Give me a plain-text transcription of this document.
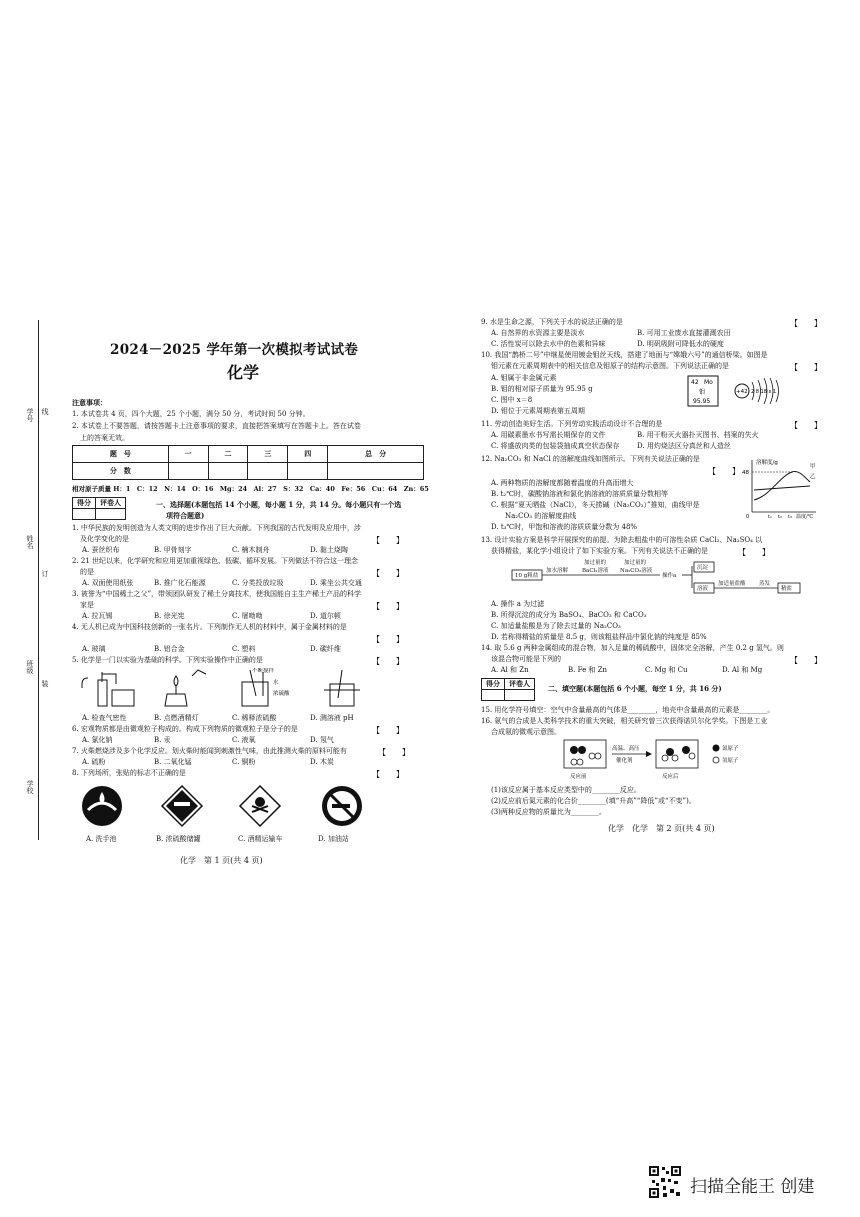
学号 线
姓名
订
班级
装
学校
2024－2025 学年第一次模拟考试试卷
化学
注意事项：
1. 本试卷共 4 页，四个大题，25 个小题，满分 50 分，考试时间 50 分钟。
2. 本试卷上不要答题，请按答题卡上注意事项的要求，直接把答案填写在答题卡上。答在试卷
上的答案无效。
题　号	一	二	三	四	总　分
分　数					
相对原子质量 H：1　C：12　N：14　O：16　Mg：24　Al：27　S：32　Ca：40　Fe：56　Cu：64　Zn：65
得分	评卷人
		一、选择题(本题包括 14 个小题，每小题 1 分，共 14 分。每小题只有一个选
项符合题意)
1. 中华民族的发明创造为人类文明的进步作出了巨大贡献。下列我国的古代发明及应用中，涉
及化学变化的是	【　　】
A. 蚕丝织布	B. 甲骨刻字	C. 楠木制舟	D. 黏土烧陶
2. 21 世纪以来，化学研究和应用更加重视绿色、低碳、循环发展。下列做法不符合这一理念
的是	【　　】
A. 双面使用纸张	B. 推广化石能源	C. 分类投放垃圾	D. 乘坐公共交通
3. 被誉为“中国稀土之父”，带领团队研发了稀土分离技术，使我国能自主生产稀土产品的科学
家是	【　　】
A. 拉瓦锡	B. 徐光宪	C. 屠呦呦	D. 道尔顿
4. 无人机已成为中国科技创新的一张名片。下列制作无人机的材料中，属于金属材料的是
【　　】
A. 玻璃	B. 铝合金	C. 塑料	D. 碳纤维
5. 化学是一门以实验为基础的科学。下列实验操作中正确的是	【　　】
不断搅拌
水
浓硫酸
A. 检查气密性	B. 点燃酒精灯	C. 稀释浓硫酸	D. 测溶液 pH
6. 宏观物质都是由微观粒子构成的。构成下列物质的微观粒子是分子的是	【　　】
A. 氯化钠	B. 汞	C. 液氧	D. 氖气
7. 火柴燃烧涉及多个化学反应。划火柴时能闻到刺激性气味，由此推测火柴的原料可能有	【　　】
A. 硫粉	B. 二氧化锰	C. 铜粉	D. 木炭
8. 下列场所，张贴的标志不正确的是	【　　】
A. 洗手池	B. 浓硫酸储罐	C. 酒精运输车	D. 加油站
化学　第 1 页(共 4 页)
9. 水是生命之源，下列关于水的说法正确的是	【　　】
A. 自然界的水资源主要是淡水	B. 可用工业废水直接灌溉农田
C. 活性炭可以除去水中的色素和异味	D. 明矾吸附可降低水的硬度
10. 我国“鹊桥二号”中继星使用镀金钼丝天线，搭建了地面与“嫦娥六号”的通信桥梁。如图是
钼元素在元素周期表中的相关信息及钼原子的结构示意图。下列说法正确的是	【　　】
A. 钼属于非金属元素
B. 钼的相对原子质量为 95.95 g
C. 图中 x＝8
D. 钼位于元素周期表第五周期
42 Mo
钼
95.95
+42 2 8 18 x 1
11. 劳动创造美好生活。下列劳动实践活动设计不合理的是	【　　】
A. 用碳素墨水书写需长期保存的文件	B. 用干粉灭火器扑灭图书、档案的失火
C. 将盛放肉类的包装袋抽成真空状态保存 D. 用灼烧法区分真丝和人造丝
12. Na₂CO₃ 和 NaCl 的溶解度曲线如图所示。下列有关说法正确的是
【　　】
溶解度/g
48
甲
乙
0	t₁ t₂ t₃ 温度/℃
A. 两种物质的溶解度都随着温度的升高而增大
B. t₂℃时，碳酸钠溶液和氯化钠溶液的溶质质量分数相等
C. 根据“夏天晒盐（NaCl），冬天捞碱（Na₂CO₃）”推知，曲线甲是
　　Na₂CO₃ 的溶解度曲线
D. t₃℃时，甲饱和溶液的溶质质量分数为 48%
13. 设计实验方案是科学开展探究的前提。为除去粗盐中的可溶性杂质 CaCl₂、Na₂SO₄ 以
获得精盐，某化学小组设计了如下实验方案。下列有关说法不正确的是	【　　】
10 g粗盐
加水溶解
加过量的
BaCl₂溶液
加过量的
Na₂CO₃溶液
操作a
沉淀
溶液
加适量盐酸 蒸发
精盐
A. 操作 a 为过滤
B. 所得沉淀的成分为 BaSO₄、BaCO₃ 和 CaCO₃
C. 加适量盐酸是为了除去过量的 Na₂CO₃
D. 若称得精盐的质量是 8.5 g，则该粗盐样品中氯化钠的纯度是 85%
14. 取 5.6 g 两种金属组成的混合物，加入足量的稀硫酸中，固体完全溶解，产生 0.2 g 氢气。则
该混合物可能是下列的	【　　】
A. Al 和 Zn	B. Fe 和 Zn	C. Mg 和 Cu	D. Al 和 Mg
得分	评卷人

二、填空题(本题包括 6 个小题，每空 1 分，共 16 分)
15. 用化学符号填空：空气中含量最高的气体是________，地壳中含量最高的元素是________。
16. 氨气的合成是人类科学技术的重大突破，相关研究曾三次获得诺贝尔化学奖。下图是工业
合成氨的微观示意图。
高温、高压
催化剂
反应前	反应后
氮原子
氢原子
(1)该反应属于基本反应类型中的________反应。
(2)反应前后氮元素的化合价________(填“升高”“降低”或“不变”)。
(3)两种反应物的质量比为________。
化学　化学　第 2 页(共 4 页)
扫描全能王 创建
